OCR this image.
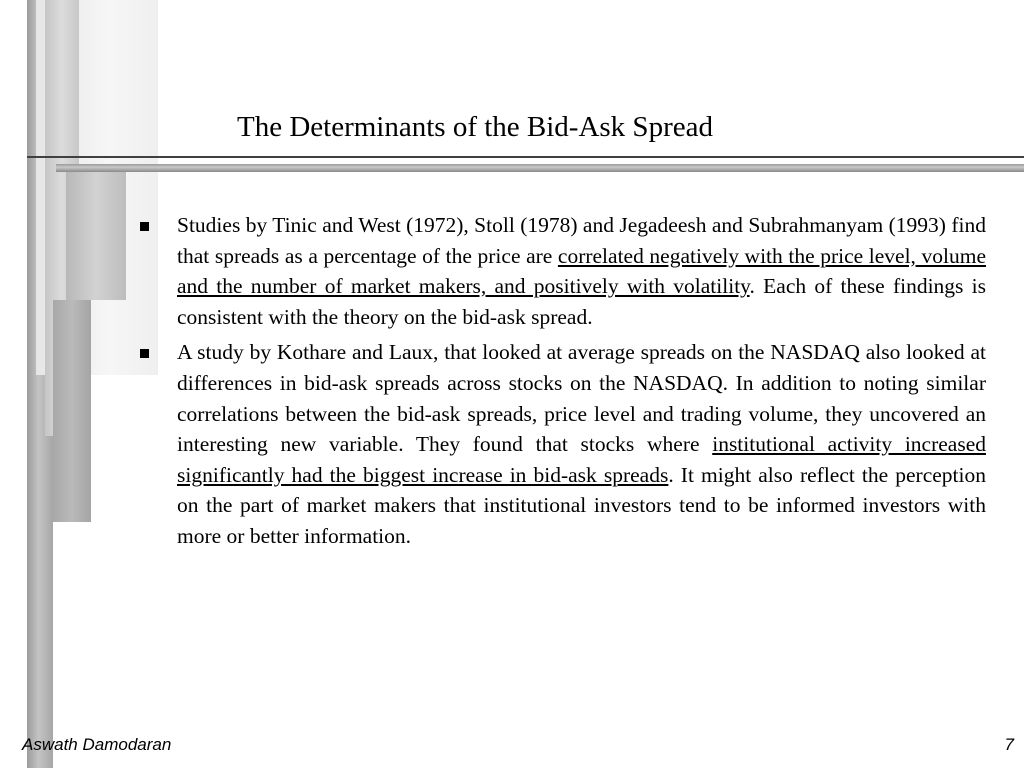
The Determinants of the Bid-Ask Spread
Studies by Tinic and West (1972), Stoll (1978) and Jegadeesh and Subrahmanyam (1993) find that spreads as a percentage of the price are correlated negatively with the price level, volume and the number of market makers, and positively with volatility. Each of these findings is consistent with the theory on the bid-ask spread.
A study by Kothare and Laux, that looked at average spreads on the NASDAQ also looked at differences in bid-ask spreads across stocks on the NASDAQ. In addition to noting similar correlations between the bid-ask spreads, price level and trading volume, they uncovered an interesting new variable. They found that stocks where institutional activity increased significantly had the biggest increase in bid-ask spreads. It might also reflect the perception on the part of market makers that institutional investors tend to be informed investors with more or better information.
Aswath Damodaran	7
